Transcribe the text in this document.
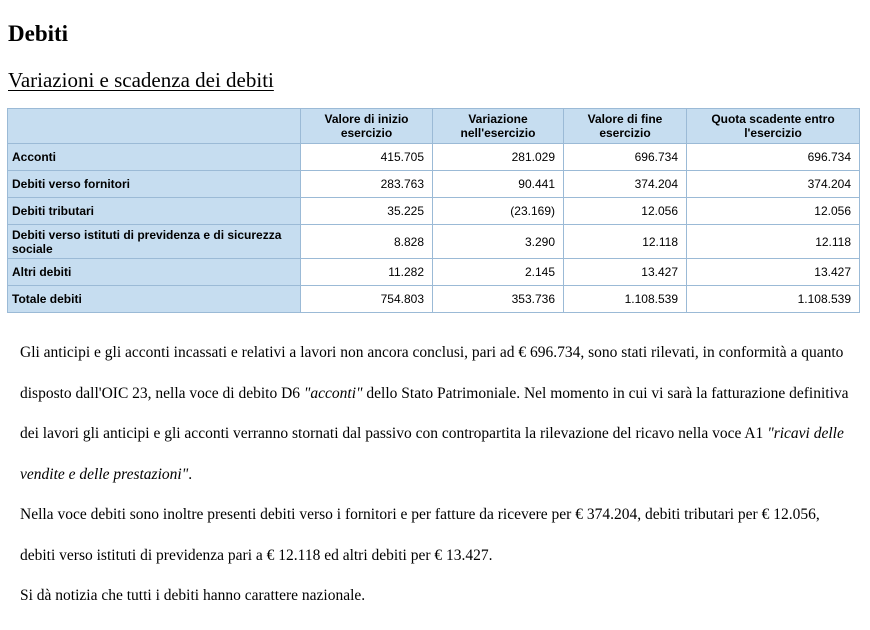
Debiti
Variazioni e scadenza dei debiti
	Valore di inizio esercizio	Variazione nell'esercizio	Valore di fine esercizio	Quota scadente entro l'esercizio
Acconti	415.705	281.029	696.734	696.734
Debiti verso fornitori	283.763	90.441	374.204	374.204
Debiti tributari	35.225	(23.169)	12.056	12.056
Debiti verso istituti di previdenza e di sicurezza sociale	8.828	3.290	12.118	12.118
Altri debiti	11.282	2.145	13.427	13.427
Totale debiti	754.803	353.736	1.108.539	1.108.539

Gli anticipi e gli acconti incassati e relativi a lavori non ancora conclusi, pari ad € 696.734, sono stati rilevati, in conformità a quanto disposto dall'OIC 23, nella voce di debito D6 "acconti" dello Stato Patrimoniale. Nel momento in cui vi sarà la fatturazione definitiva dei lavori gli anticipi e gli acconti verranno stornati dal passivo con contropartita la rilevazione del ricavo nella voce A1 "ricavi delle vendite e delle prestazioni".

Nella voce debiti sono inoltre presenti debiti verso i fornitori e per fatture da ricevere per € 374.204, debiti tributari per € 12.056, debiti verso istituti di previdenza pari a € 12.118 ed altri debiti per € 13.427.

Si dà notizia che tutti i debiti hanno carattere nazionale.
